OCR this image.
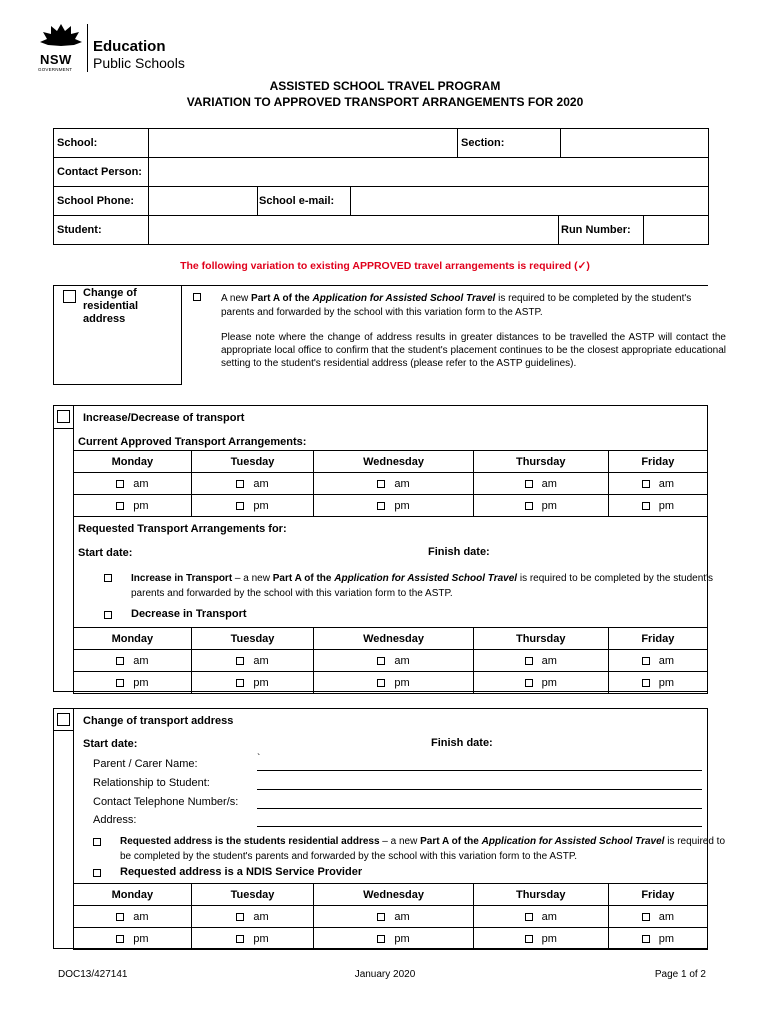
NSW
GOVERNMENT
Education
Public Schools
ASSISTED SCHOOL TRAVEL PROGRAM
VARIATION TO APPROVED TRANSPORT ARRANGEMENTS FOR 2020
School:	Section:
Contact Person:
School Phone:	School e-mail:
Student:	Run Number:
The following variation to existing APPROVED travel arrangements is required (✓)
Change of residential address
A new Part A of the Application for Assisted School Travel is required to be completed by the student's parents and forwarded by the school with this variation form to the ASTP.
Please note where the change of address results in greater distances to be travelled the ASTP will contact the appropriate local office to confirm that the student's placement continues to be the closest appropriate educational setting to the student's residential address (please refer to the ASTP guidelines).
Increase/Decrease of transport
Current Approved Transport Arrangements:
Monday	Tuesday	Wednesday	Thursday	Friday
am	am	am	am	am
pm	pm	pm	pm	pm
Requested Transport Arrangements for:
Start date:	Finish date:
Increase in Transport – a new Part A of the Application for Assisted School Travel is required to be completed by the student's parents and forwarded by the school with this variation form to the ASTP.
Decrease in Transport
Monday	Tuesday	Wednesday	Thursday	Friday
am	am	am	am	am
pm	pm	pm	pm	pm
Change of transport address
Start date:	Finish date:
Parent / Carer Name:	`
Relationship to Student:
Contact Telephone Number/s:
Address:
Requested address is the students residential address – a new Part A of the Application for Assisted School Travel is required to be completed by the student's parents and forwarded by the school with this variation form to the ASTP.
Requested address is a NDIS Service Provider
Monday	Tuesday	Wednesday	Thursday	Friday
am	am	am	am	am
pm	pm	pm	pm	pm
DOC13/427141	January 2020	Page 1 of 2
